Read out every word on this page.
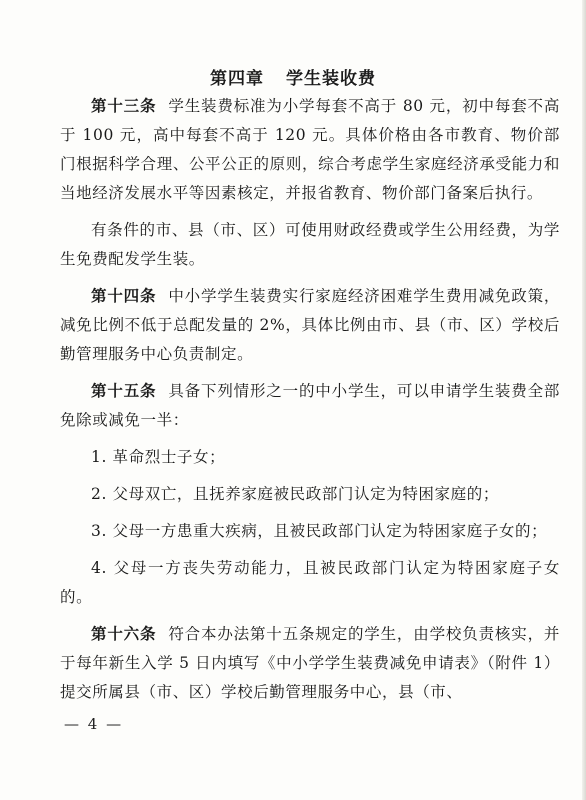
第四章 学生装收费

第十三条 学生装费标准为小学每套不高于 80 元，初中每套不高于 100 元，高中每套不高于 120 元。具体价格由各市教育、物价部门根据科学合理、公平公正的原则，综合考虑学生家庭经济承受能力和当地经济发展水平等因素核定，并报省教育、物价部门备案后执行。

有条件的市、县（市、区）可使用财政经费或学生公用经费，为学生免费配发学生装。

第十四条 中小学学生装费实行家庭经济困难学生费用减免政策，减免比例不低于总配发量的 2%，具体比例由市、县（市、区）学校后勤管理服务中心负责制定。

第十五条 具备下列情形之一的中小学生，可以申请学生装费全部免除或减免一半：

1. 革命烈士子女；

2. 父母双亡，且抚养家庭被民政部门认定为特困家庭的；

3. 父母一方患重大疾病，且被民政部门认定为特困家庭子女的；

4. 父母一方丧失劳动能力，且被民政部门认定为特困家庭子女的。

第十六条 符合本办法第十五条规定的学生，由学校负责核实，并于每年新生入学 5 日内填写《中小学学生装费减免申请表》（附件 1）提交所属县（市、区）学校后勤管理服务中心，县（市、

— 4 —
